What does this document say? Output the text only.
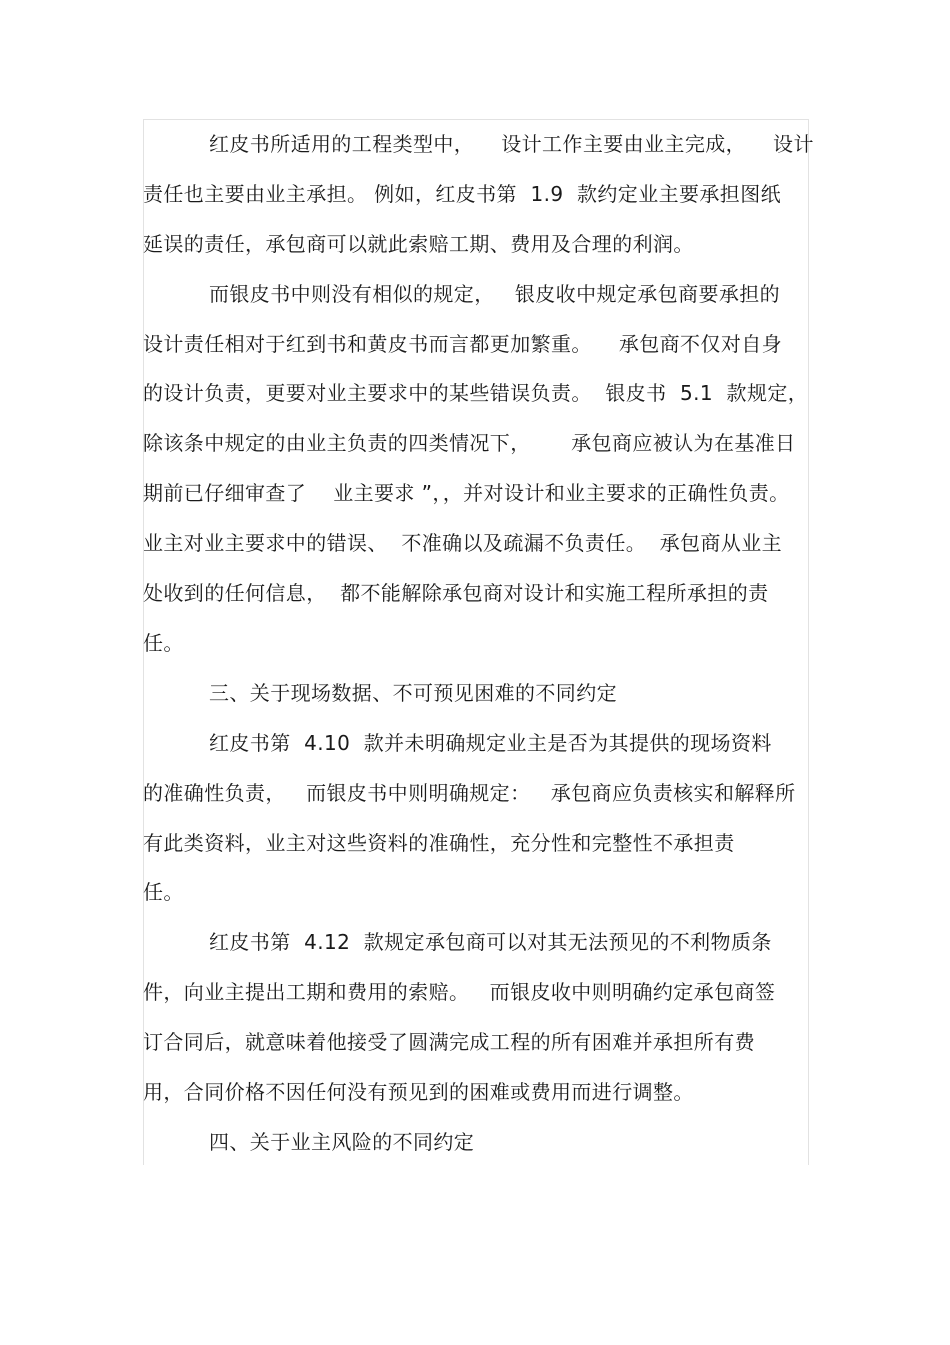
红皮书所适用的工程类型中，    设计工作主要由业主完成，    设计
责任也主要由业主承担。 例如，红皮书第  1.9  款约定业主要承担图纸
延误的责任，承包商可以就此索赔工期、费用及合理的利润。
而银皮书中则没有相似的规定，   银皮收中规定承包商要承担的
设计责任相对于红到书和黄皮书而言都更加繁重。    承包商不仅对自身
的设计负责，更要对业主要求中的某些错误负责。  银皮书  5.1  款规定，
除该条中规定的由业主负责的四类情况下，      承包商应被认为在基准日
期前已仔细审查了    业主要求 ”，，并对设计和业主要求的正确性负责。
业主对业主要求中的错误、  不准确以及疏漏不负责任。  承包商从业主
处收到的任何信息，  都不能解除承包商对设计和实施工程所承担的责
任。
三、关于现场数据、不可预见困难的不同约定
红皮书第  4.10  款并未明确规定业主是否为其提供的现场资料
的准确性负责，   而银皮书中则明确规定：   承包商应负责核实和解释所
有此类资料，业主对这些资料的准确性，充分性和完整性不承担责
任。
红皮书第  4.12  款规定承包商可以对其无法预见的不利物质条
件，向业主提出工期和费用的索赔。   而银皮收中则明确约定承包商签
订合同后，就意味着他接受了圆满完成工程的所有困难并承担所有费
用，合同价格不因任何没有预见到的困难或费用而进行调整。
四、关于业主风险的不同约定
